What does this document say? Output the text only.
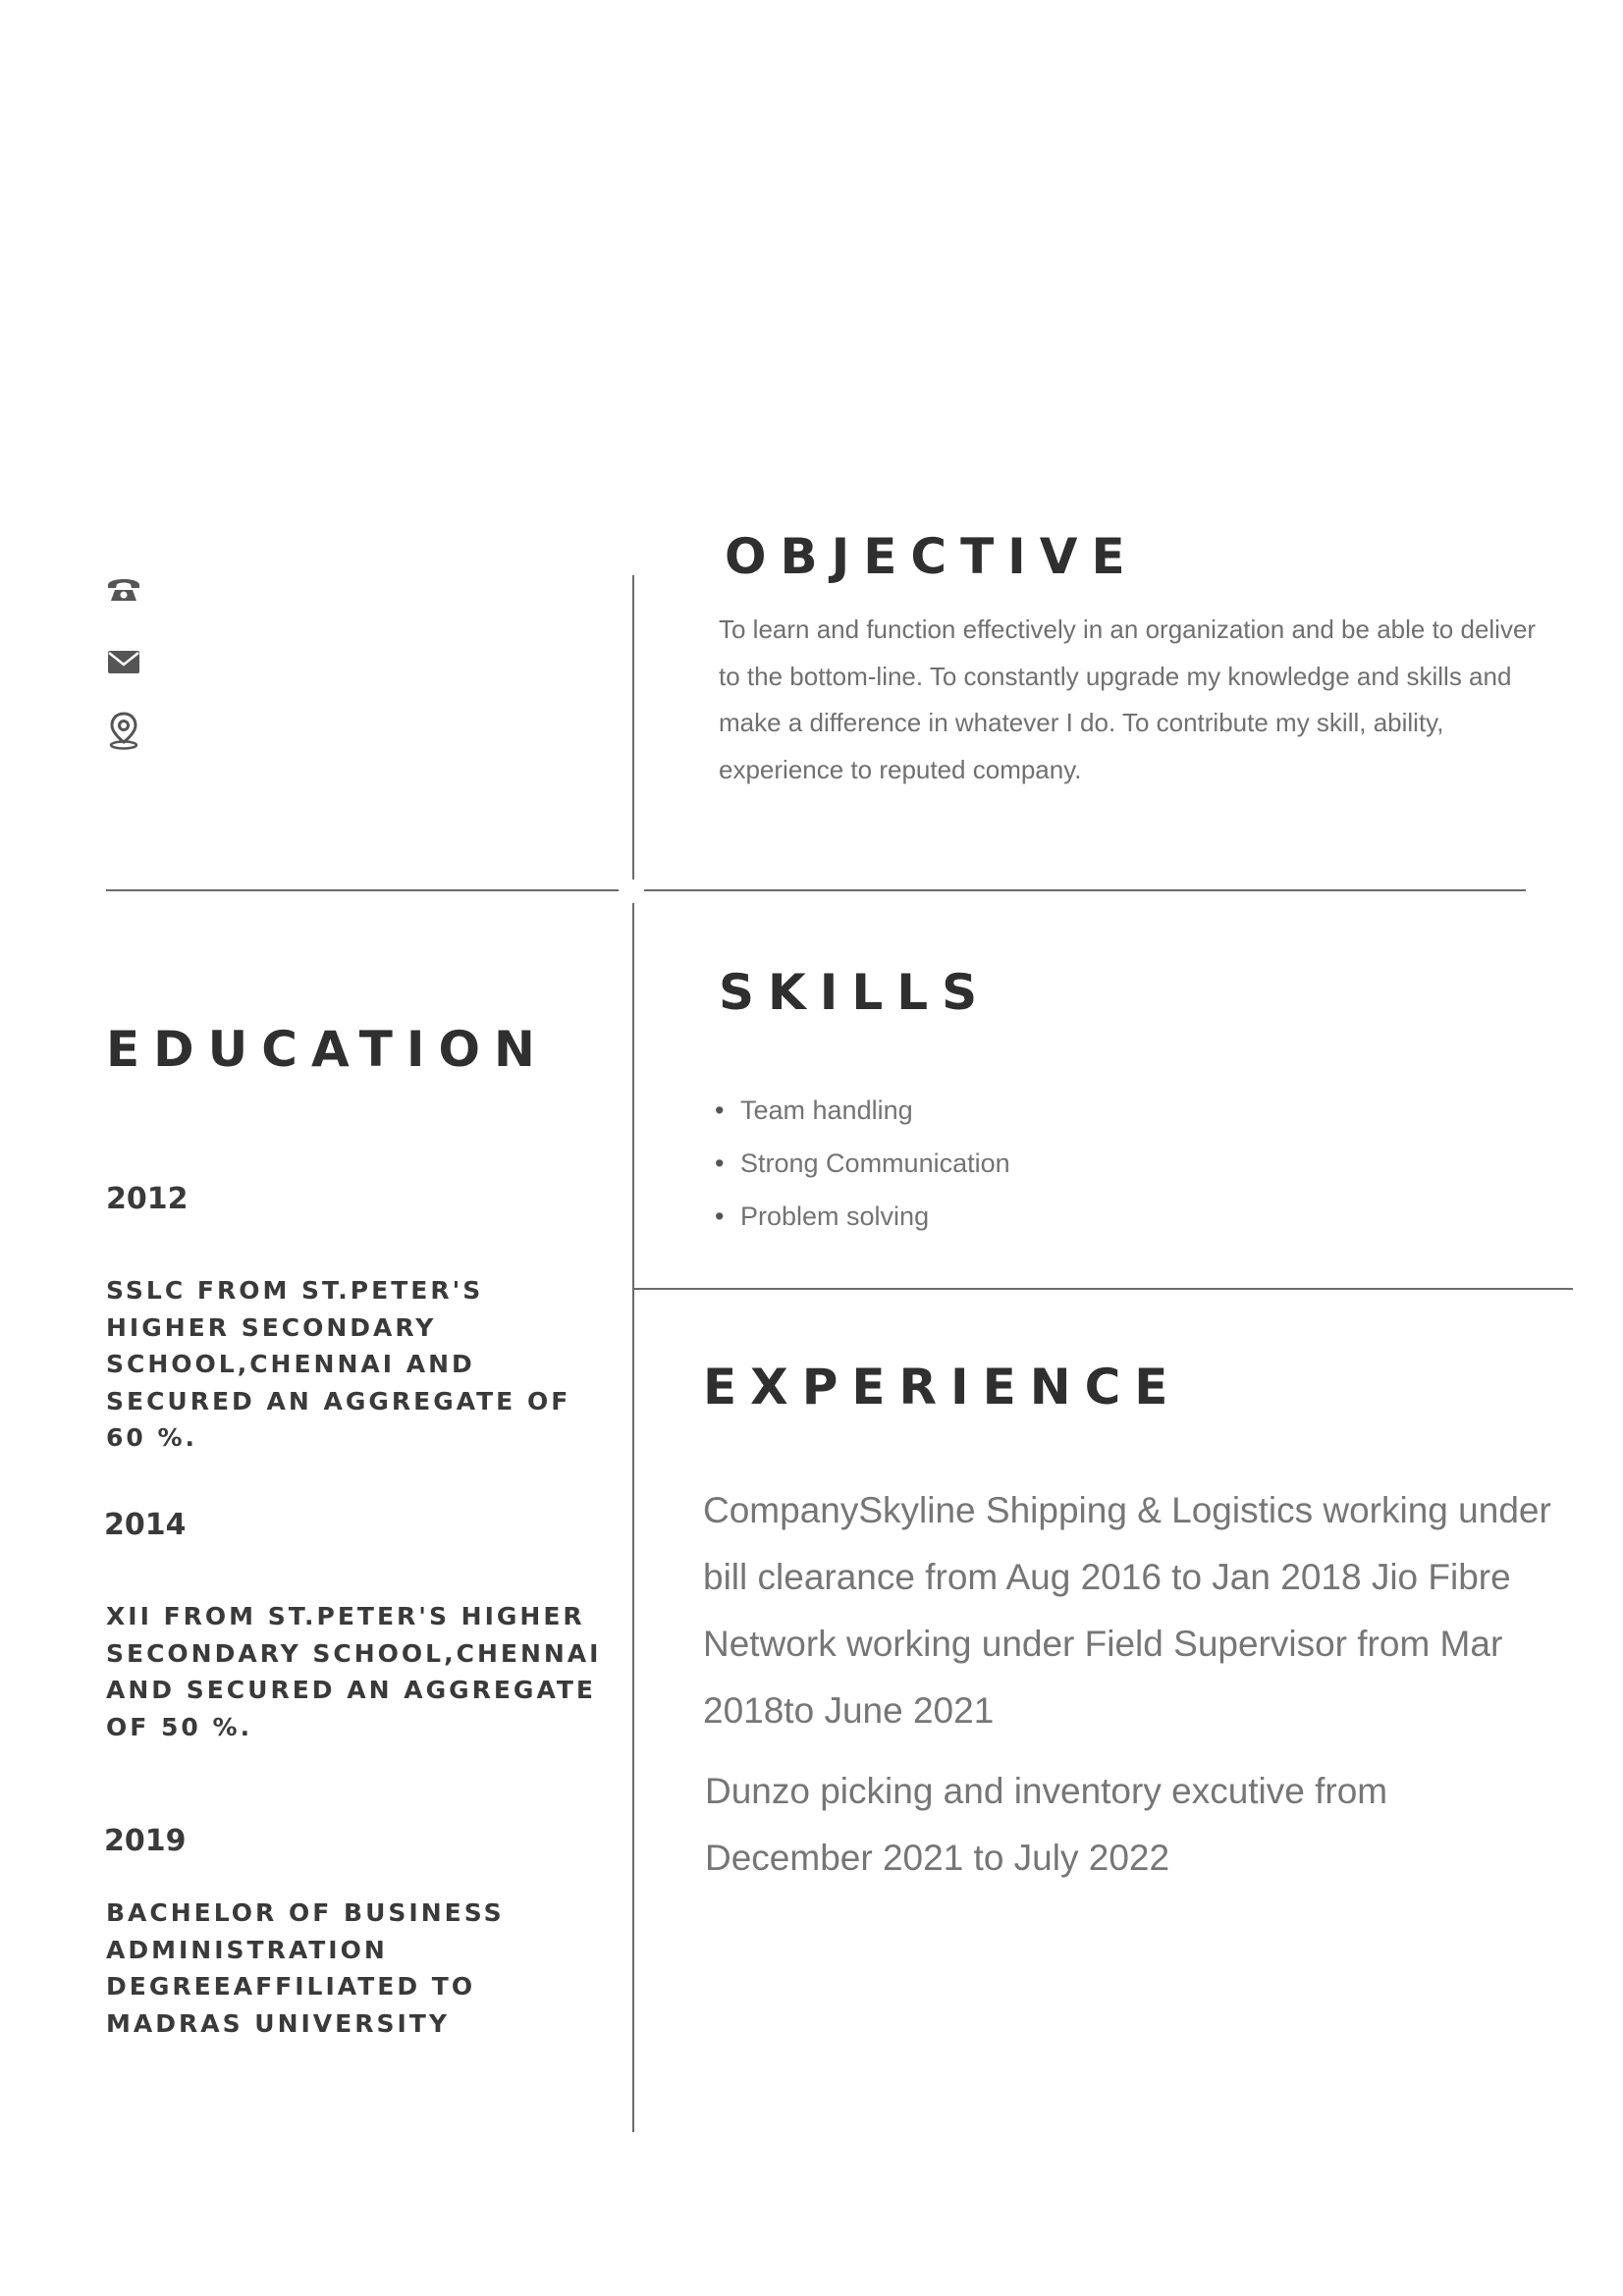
OBJECTIVE
To learn and function effectively in an organization and be able to deliver to the bottom-line. To constantly upgrade my knowledge and skills and make a difference in whatever I do. To contribute my skill, ability, experience to reputed company.
SKILLS
• Team handling
• Strong Communication
• Problem solving
EDUCATION
2012
SSLC FROM ST.PETER'S HIGHER SECONDARY SCHOOL,CHENNAI AND SECURED AN AGGREGATE OF 60 %.
2014
XII FROM ST.PETER'S HIGHER SECONDARY SCHOOL,CHENNAI AND SECURED AN AGGREGATE OF 50 %.
2019
BACHELOR OF BUSINESS ADMINISTRATION DEGREEAFFILIATED TO MADRAS UNIVERSITY
EXPERIENCE
CompanySkyline Shipping & Logistics working under bill clearance from Aug 2016 to Jan 2018 Jio Fibre Network working under Field Supervisor from Mar 2018to June 2021
Dunzo picking and inventory excutive from December 2021 to July 2022
